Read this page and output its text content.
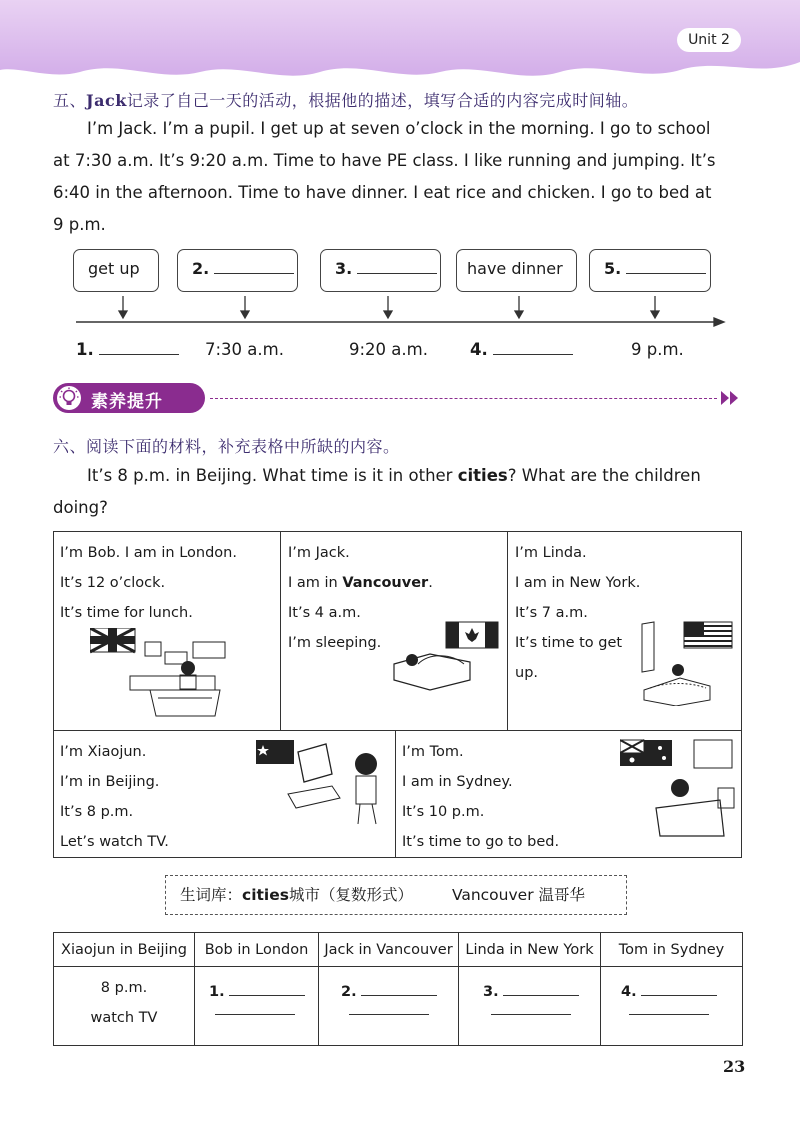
Unit 2
五、Jack记录了自己一天的活动，根据他的描述，填写合适的内容完成时间轴。
I’m Jack. I’m a pupil. I get up at seven o’clock in the morning. I go to school
at 7:30 a.m. It’s 9:20 a.m. Time to have PE class. I like running and jumping. It’s
6:40 in the afternoon. Time to have dinner. I eat rice and chicken. I go to bed at
9 p.m.
get up	2.	3.	have dinner	5.
1.	7:30 a.m.	9:20 a.m.	4.	9 p.m.
素养提升
六、阅读下面的材料，补充表格中所缺的内容。
It’s 8 p.m. in Beijing. What time is it in other cities? What are the children
doing?
I’m Bob. I am in London.
It’s 12 o’clock.
It’s time for lunch.
I’m Jack.
I am in Vancouver.
It’s 4 a.m.
I’m sleeping.
I’m Linda.
I am in New York.
It’s 7 a.m.
It’s time to get
up.
I’m Xiaojun.
I’m in Beijing.
It’s 8 p.m.
Let’s watch TV.
I’m Tom.
I am in Sydney.
It’s 10 p.m.
It’s time to go to bed.
生词库：cities城市（复数形式）	Vancouver 温哥华
Xiaojun in Beijing	Bob in London	Jack in Vancouver	Linda in New York	Tom in Sydney

8 p.m.
watch TV	1.	2.	3.	4.
23
